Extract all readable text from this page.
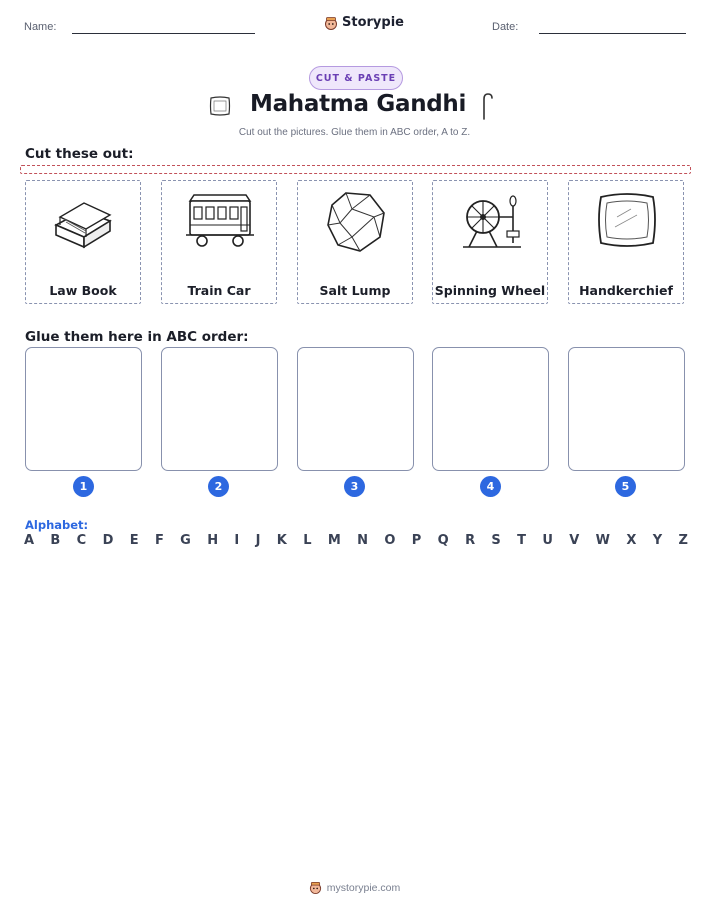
Name:	Storypie	Date:
CUT & PASTE
Mahatma Gandhi
Cut out the pictures. Glue them in ABC order, A to Z.
Cut these out:
Law Book	Train Car	Salt Lump	Spinning Wheel	Handkerchief
Glue them here in ABC order:
1	2	3	4	5
Alphabet:
A B C D E F G H I J K L M N O P Q R S T U V W X Y Z
mystorypie.com
